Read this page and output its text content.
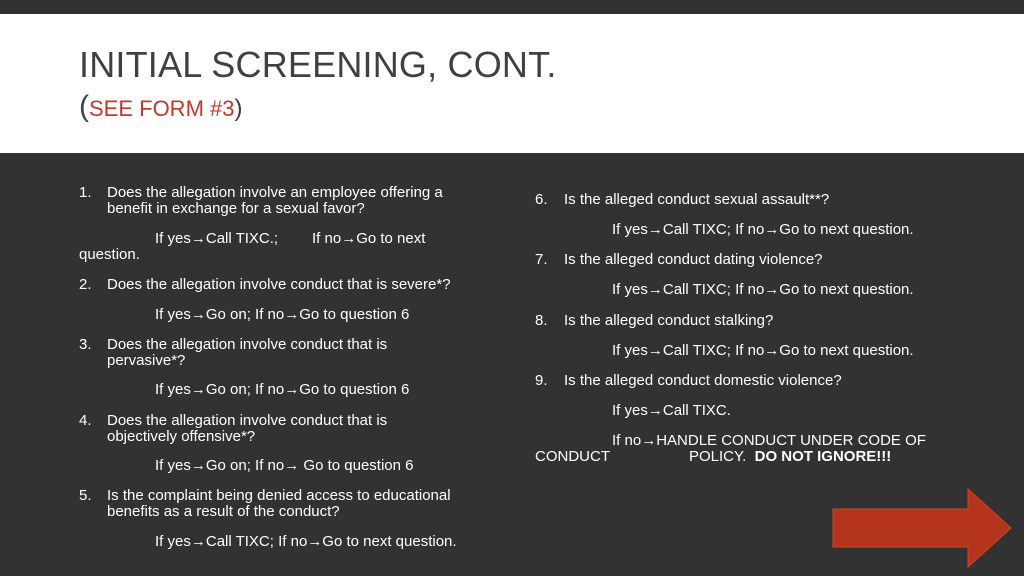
INITIAL SCREENING, CONT.
(SEE FORM #3)
1. Does the allegation involve an employee offering a
benefit in exchange for a sexual favor?
If yes→Call TIXC.; If no→Go to next
question.
2. Does the allegation involve conduct that is severe*?
If yes→Go on; If no→Go to question 6
3. Does the allegation involve conduct that is
pervasive*?
If yes→Go on; If no→Go to question 6
4. Does the allegation involve conduct that is
objectively offensive*?
If yes→Go on; If no→ Go to question 6
5. Is the complaint being denied access to educational
benefits as a result of the conduct?
If yes→Call TIXC; If no→Go to next question.
6. Is the alleged conduct sexual assault**?
If yes→Call TIXC; If no→Go to next question.
7. Is the alleged conduct dating violence?
If yes→Call TIXC; If no→Go to next question.
8. Is the alleged conduct stalking?
If yes→Call TIXC; If no→Go to next question.
9. Is the alleged conduct domestic violence?
If yes→Call TIXC.
If no→HANDLE CONDUCT UNDER CODE OF
CONDUCT	POLICY. DO NOT IGNORE!!!
